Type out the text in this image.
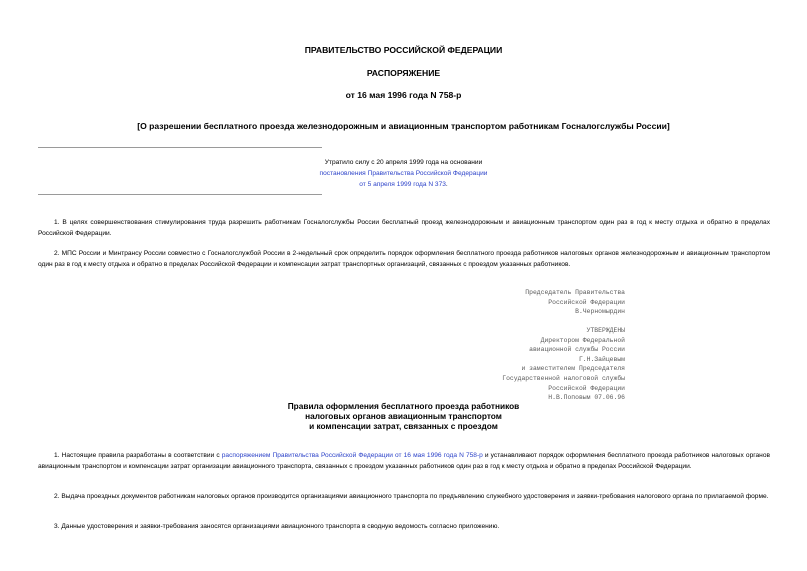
ПРАВИТЕЛЬСТВО РОССИЙСКОЙ ФЕДЕРАЦИИ
РАСПОРЯЖЕНИЕ
от 16 мая 1996 года N 758-р
[О разрешении бесплатного проезда железнодорожным и авиационным транспортом работникам Госналогслужбы России]
Утратило силу с 20 апреля 1999 года на основании
постановления Правительства Российской Федерации
от 5 апреля 1999 года N 373.
1. В целях совершенствования стимулирования труда разрешить работникам Госналогслужбы России бесплатный проезд железнодорожным и авиационным транспортом один раз в год к месту отдыха и обратно в пределах Российской Федерации.
2. МПС России и Минтрансу России совместно с Госналогслужбой России в 2-недельный срок определить порядок оформления бесплатного проезда работников налоговых органов железнодорожным и авиационным транспортом один раз в год к месту отдыха и обратно в пределах Российской Федерации и компенсации затрат транспортных организаций, связанных с проездом указанных работников.
Председатель Правительства
Российской Федерации
В.Черномырдин
УТВЕРЖДЕНЫ
Директором Федеральной
авиационной службы России
Г.Н.Зайцевым
и заместителем Председателя
Государственной налоговой службы
Российской Федерации
Н.В.Поповым 07.06.96
Правила оформления бесплатного проезда работников
налоговых органов авиационным транспортом
и компенсации затрат, связанных с проездом
1. Настоящие правила разработаны в соответствии с распоряжением Правительства Российской Федерации от 16 мая 1996 года N 758-р и устанавливают порядок оформления бесплатного проезда работников налоговых органов авиационным транспортом и компенсации затрат организации авиационного транспорта, связанных с проездом указанных работников один раз в год к месту отдыха и обратно в пределах Российской Федерации.
2. Выдача проездных документов работникам налоговых органов производится организациями авиационного транспорта по предъявлению служебного удостоверения и заявки-требования налогового органа по прилагаемой форме.
3. Данные удостоверения и заявки-требования заносятся организациями авиационного транспорта в сводную ведомость согласно приложению.
